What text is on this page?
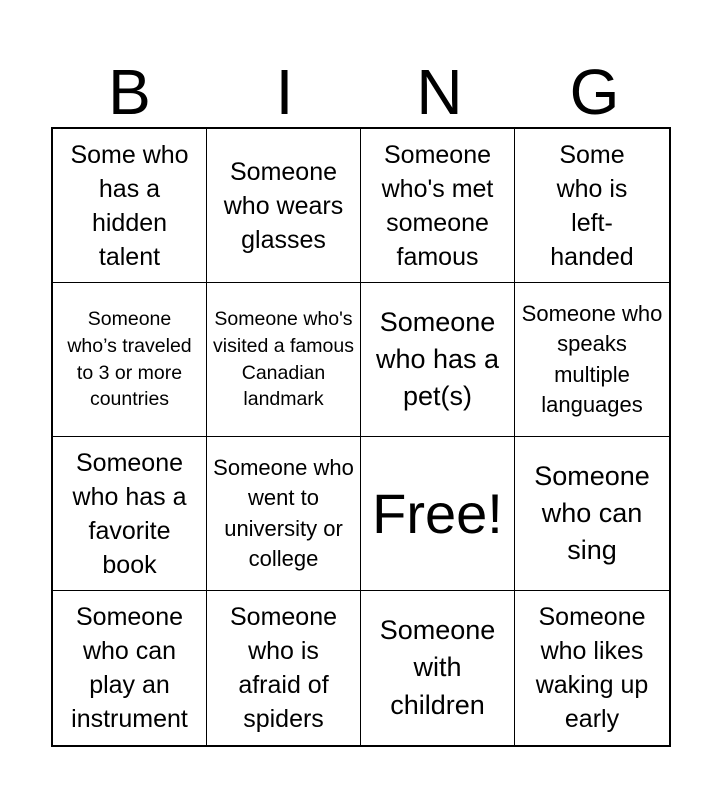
B	I	N	G
Some who has a hidden talent
Someone who wears glasses
Someone who's met someone famous
Some who is left-handed
Someone who’s traveled to 3 or more countries
Someone who's visited a famous Canadian landmark
Someone who has a pet(s)
Someone who speaks multiple languages
Someone who has a favorite book
Someone who went to university or college
Free!
Someone who can sing
Someone who can play an instrument
Someone who is afraid of spiders
Someone with children
Someone who likes waking up early
